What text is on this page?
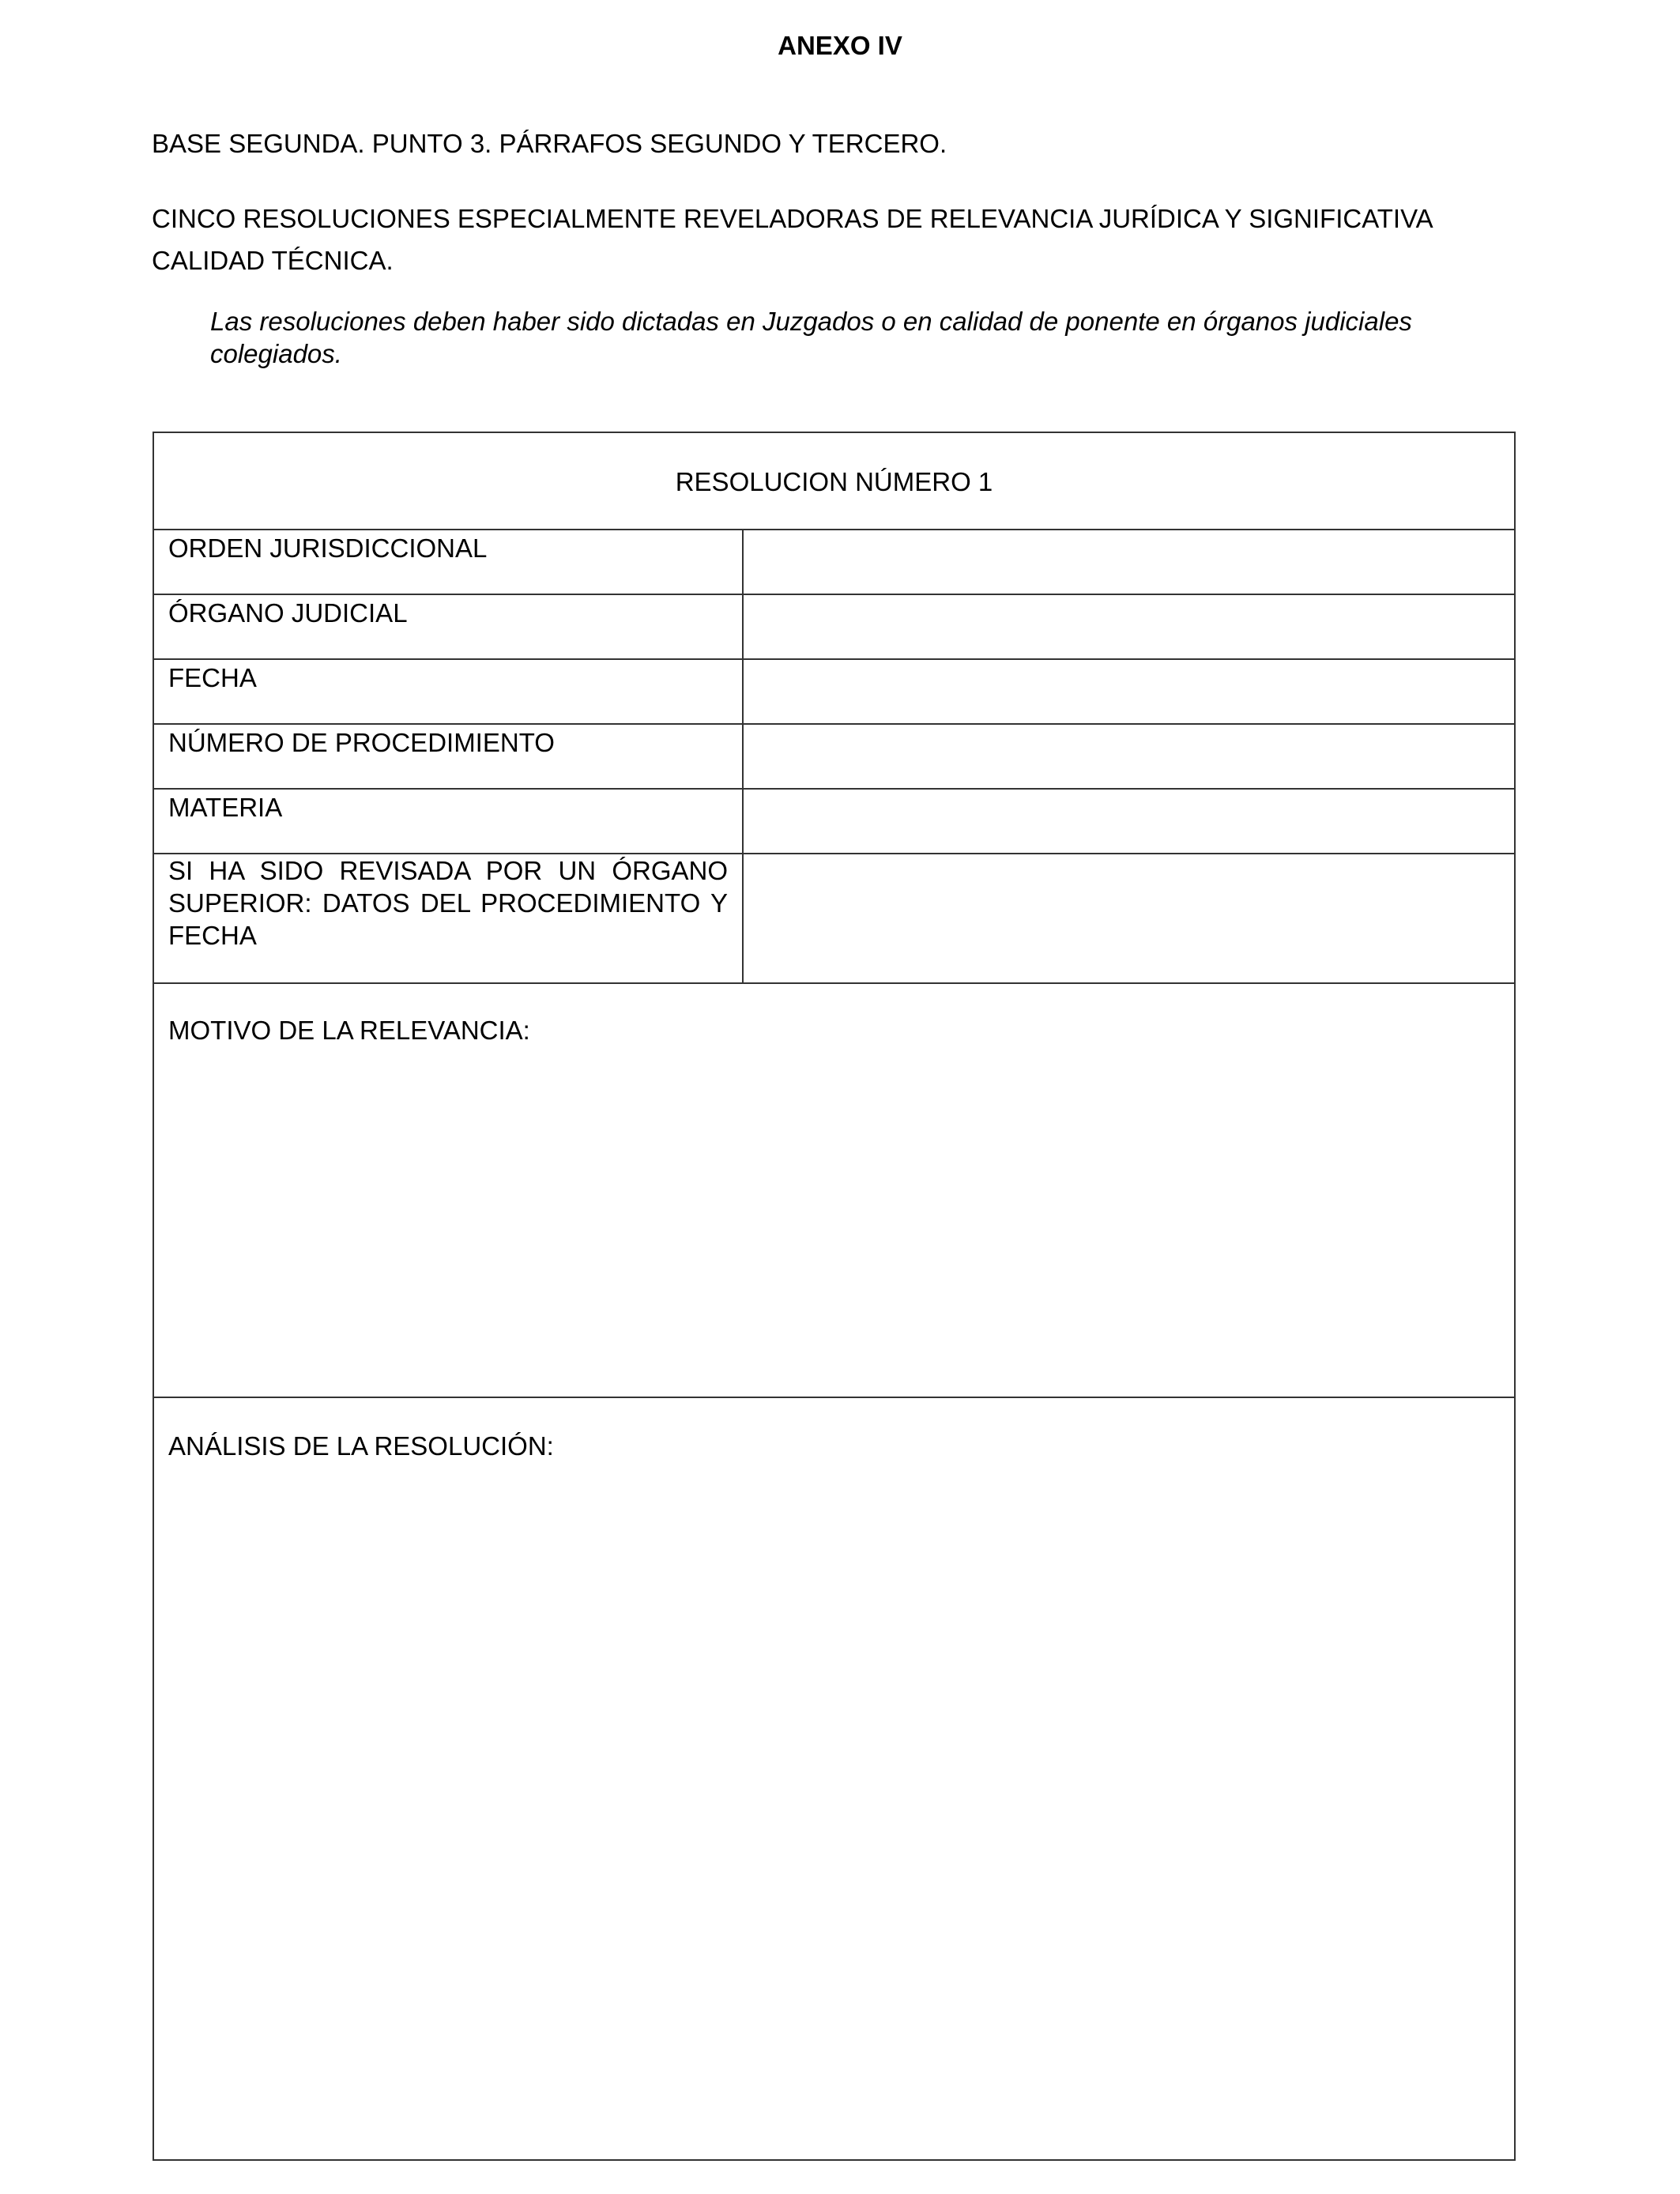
ANEXO IV
BASE SEGUNDA. PUNTO 3. PÁRRAFOS SEGUNDO Y TERCERO.
CINCO RESOLUCIONES ESPECIALMENTE REVELADORAS DE RELEVANCIA JURÍDICA Y SIGNIFICATIVA CALIDAD TÉCNICA.
Las resoluciones deben haber sido dictadas en Juzgados o en calidad de ponente en órganos judiciales colegiados.
RESOLUCION NÚMERO 1
ORDEN JURISDICCIONAL
ÓRGANO JUDICIAL
FECHA
NÚMERO DE PROCEDIMIENTO
MATERIA
SI HA SIDO REVISADA POR UN ÓRGANO SUPERIOR: DATOS DEL PROCEDIMIENTO Y FECHA
MOTIVO DE LA RELEVANCIA:
ANÁLISIS DE LA RESOLUCIÓN:
